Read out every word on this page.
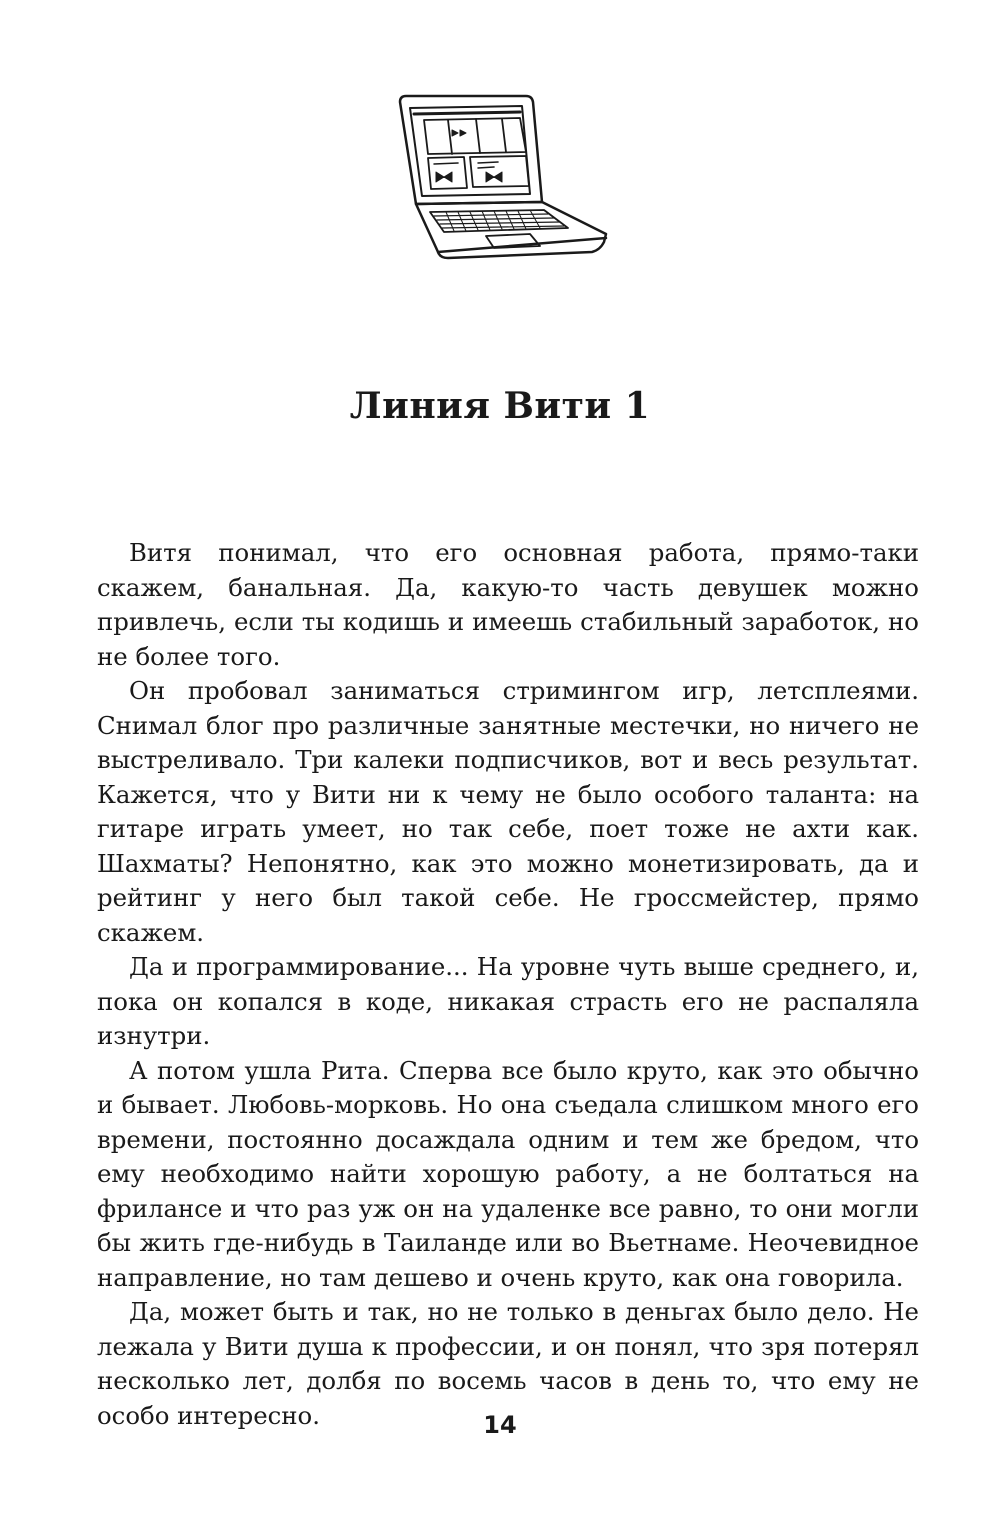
Линия Вити 1

Витя понимал, что его основная работа, прямо-таки скажем, банальная. Да, какую-то часть девушек можно привлечь, если ты кодишь и имеешь стабильный заработок, но не более того.

Он пробовал заниматься стримингом игр, летсплеями. Снимал блог про различные занятные местечки, но ничего не выстреливало. Три калеки подписчиков, вот и весь результат. Кажется, что у Вити ни к чему не было особого таланта: на гитаре играть умеет, но так себе, поет тоже не ахти как. Шахматы? Непонятно, как это можно монетизировать, да и рейтинг у него был такой себе. Не гроссмейстер, прямо скажем.

Да и программирование... На уровне чуть выше среднего, и, пока он копался в коде, никакая страсть его не распаляла изнутри.

А потом ушла Рита. Сперва все было круто, как это обычно и бывает. Любовь-морковь. Но она съедала слишком много его времени, постоянно досаждала одним и тем же бредом, что ему необходимо найти хорошую работу, а не болтаться на фрилансе и что раз уж он на удаленке все равно, то они могли бы жить где-нибудь в Таиланде или во Вьетнаме. Неочевидное направление, но там дешево и очень круто, как она говорила.

Да, может быть и так, но не только в деньгах было дело. Не лежала у Вити душа к профессии, и он понял, что зря потерял несколько лет, долбя по восемь часов в день то, что ему не особо интересно.	14
